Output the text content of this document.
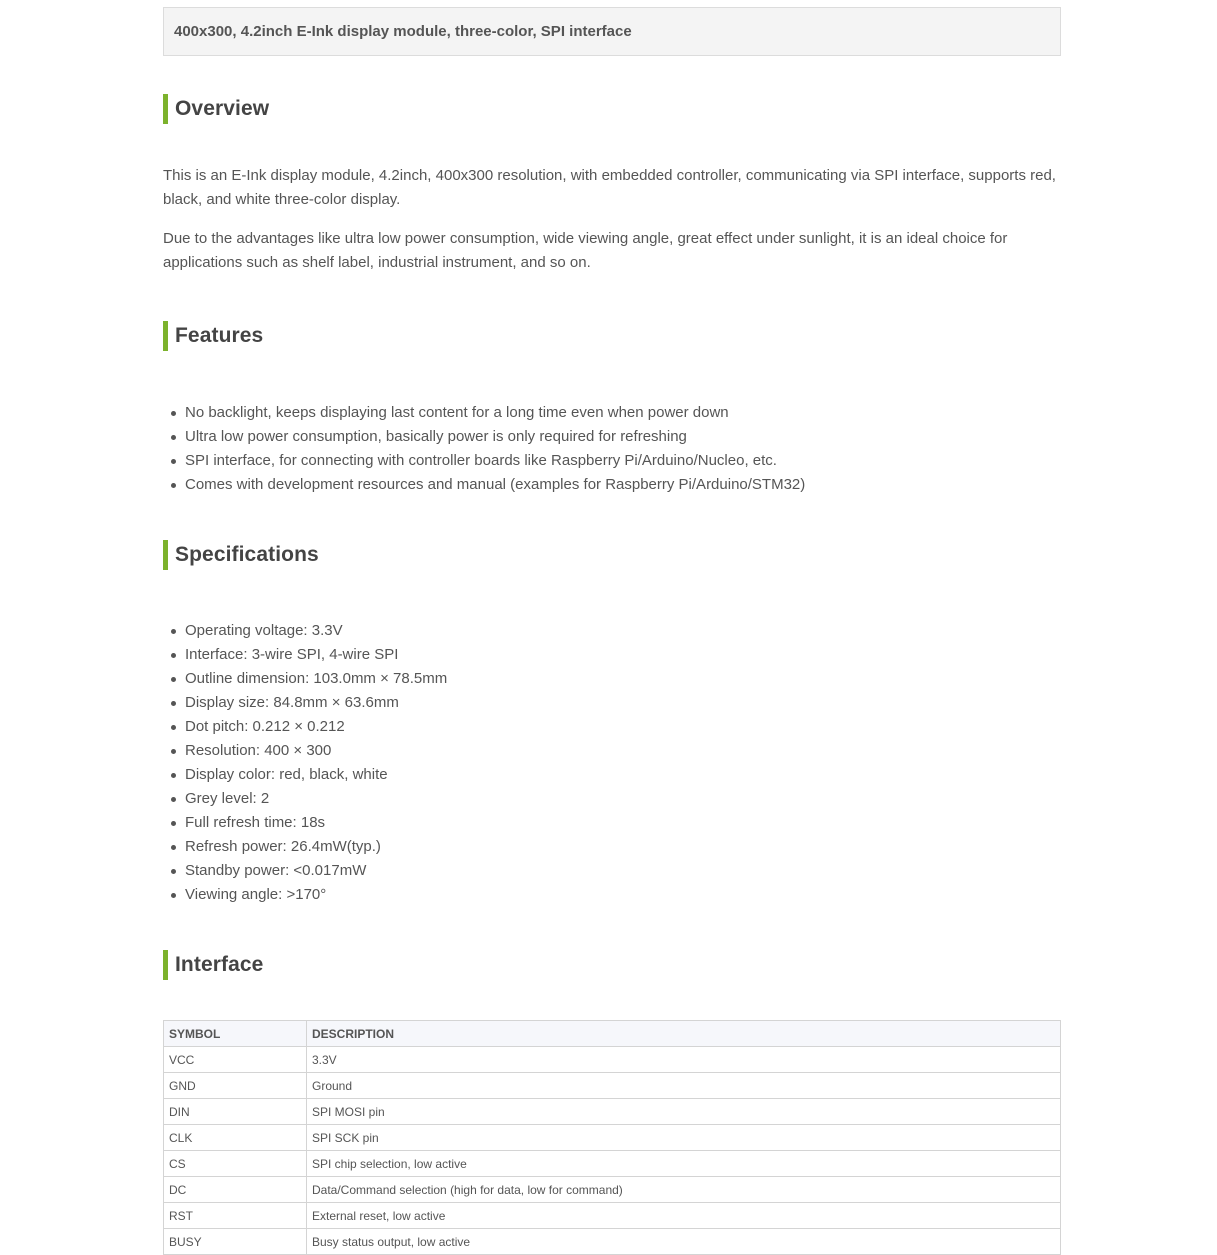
400x300, 4.2inch E-Ink display module, three-color, SPI interface
Overview

This is an E-Ink display module, 4.2inch, 400x300 resolution, with embedded controller, communicating via SPI interface, supports red, black, and white three-color display.

Due to the advantages like ultra low power consumption, wide viewing angle, great effect under sunlight, it is an ideal choice for applications such as shelf label, industrial instrument, and so on.

Features
No backlight, keeps displaying last content for a long time even when power down
Ultra low power consumption, basically power is only required for refreshing
SPI interface, for connecting with controller boards like Raspberry Pi/Arduino/Nucleo, etc.
Comes with development resources and manual (examples for Raspberry Pi/Arduino/STM32)
Specifications
Operating voltage: 3.3V
Interface: 3-wire SPI, 4-wire SPI
Outline dimension: 103.0mm × 78.5mm
Display size: 84.8mm × 63.6mm
Dot pitch: 0.212 × 0.212
Resolution: 400 × 300
Display color: red, black, white
Grey level: 2
Full refresh time: 18s
Refresh power: 26.4mW(typ.)
Standby power: <0.017mW
Viewing angle: >170°
Interface
SYMBOL	DESCRIPTION
VCC	3.3V
GND	Ground
DIN	SPI MOSI pin
CLK	SPI SCK pin
CS	SPI chip selection, low active
DC	Data/Command selection (high for data, low for command)
RST	External reset, low active
BUSY	Busy status output, low active
